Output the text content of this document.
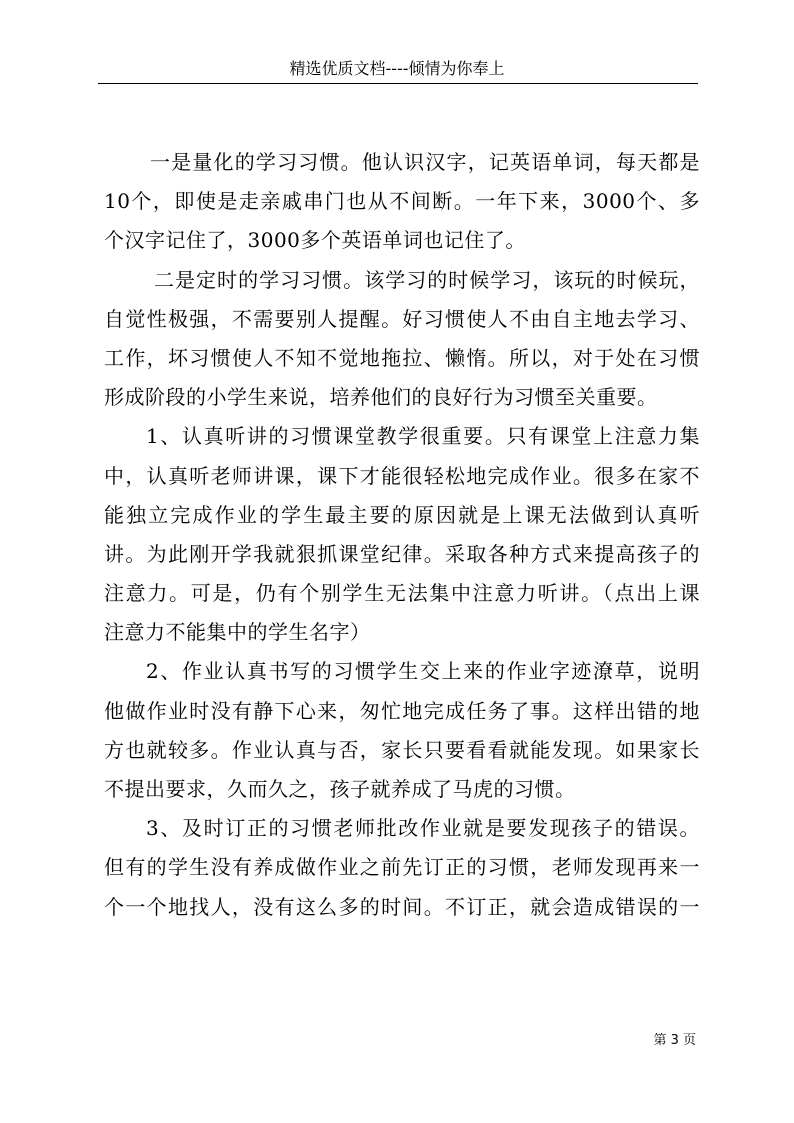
精选优质文档----倾情为你奉上
一是量化的学习习惯。他认识汉字，记英语单词，每天都是
10个，即使是走亲戚串门也从不间断。一年下来，3000个、多
个汉字记住了，3000多个英语单词也记住了。
二是定时的学习习惯。该学习的时候学习，该玩的时候玩，
自觉性极强，不需要别人提醒。好习惯使人不由自主地去学习、
工作，坏习惯使人不知不觉地拖拉、懒惰。所以，对于处在习惯
形成阶段的小学生来说，培养他们的良好行为习惯至关重要。
1、认真听讲的习惯课堂教学很重要。只有课堂上注意力集
中，认真听老师讲课，课下才能很轻松地完成作业。很多在家不
能独立完成作业的学生最主要的原因就是上课无法做到认真听
讲。为此刚开学我就狠抓课堂纪律。采取各种方式来提高孩子的
注意力。可是，仍有个别学生无法集中注意力听讲。（点出上课
注意力不能集中的学生名字）
2、作业认真书写的习惯学生交上来的作业字迹潦草，说明
他做作业时没有静下心来，匆忙地完成任务了事。这样出错的地
方也就较多。作业认真与否，家长只要看看就能发现。如果家长
不提出要求，久而久之，孩子就养成了马虎的习惯。
3、及时订正的习惯老师批改作业就是要发现孩子的错误。
但有的学生没有养成做作业之前先订正的习惯，老师发现再来一
个一个地找人，没有这么多的时间。不订正，就会造成错误的一
第 3 页
